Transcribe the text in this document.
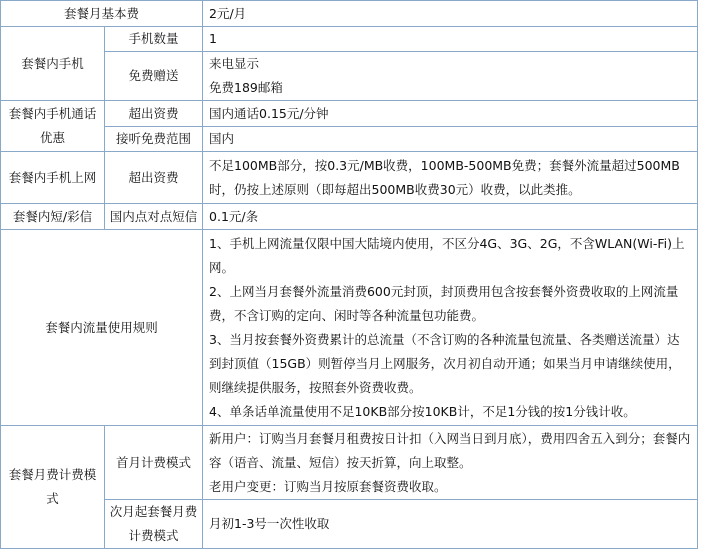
套餐月基本费		2元/月
套餐内手机	手机数量	1
	免费赠送	来电显示
免费189邮箱

套餐内手机通话优惠	超出资费	国内通话0.15元/分钟
	接听免费范围	国内
套餐内手机上网	超出资费	不足100MB部分，按0.3元/MB收费，100MB-500MB免费；套餐外流量超过500MB时，仍按上述原则（即每超出500MB收费30元）收费，以此类推。
套餐内短/彩信	国内点对点短信	0.1元/条
套餐内流量使用规则		1、手机上网流量仅限中国大陆境内使用，不区分4G、3G、2G，不含WLAN(Wi-Fi)上网。
2、上网当月套餐外流量消费600元封顶，封顶费用包含按套餐外资费收取的上网流量费，不含订购的定向、闲时等各种流量包功能费。
3、当月按套餐外资费累计的总流量（不含订购的各种流量包流量、各类赠送流量）达到封顶值（15GB）则暂停当月上网服务，次月初自动开通；如果当月申请继续使用，则继续提供服务，按照套外资费收费。
4、单条话单流量使用不足10KB部分按10KB计，不足1分钱的按1分钱计收。

套餐月费计费模式	首月计费模式	新用户：订购当月套餐月租费按日计扣（入网当日到月底），费用四舍五入到分；套餐内容（语音、流量、短信）按天折算，向上取整。
老用户变更：订购当月按原套餐资费收取。

	次月起套餐月费计费模式	月初1-3号一次性收取
